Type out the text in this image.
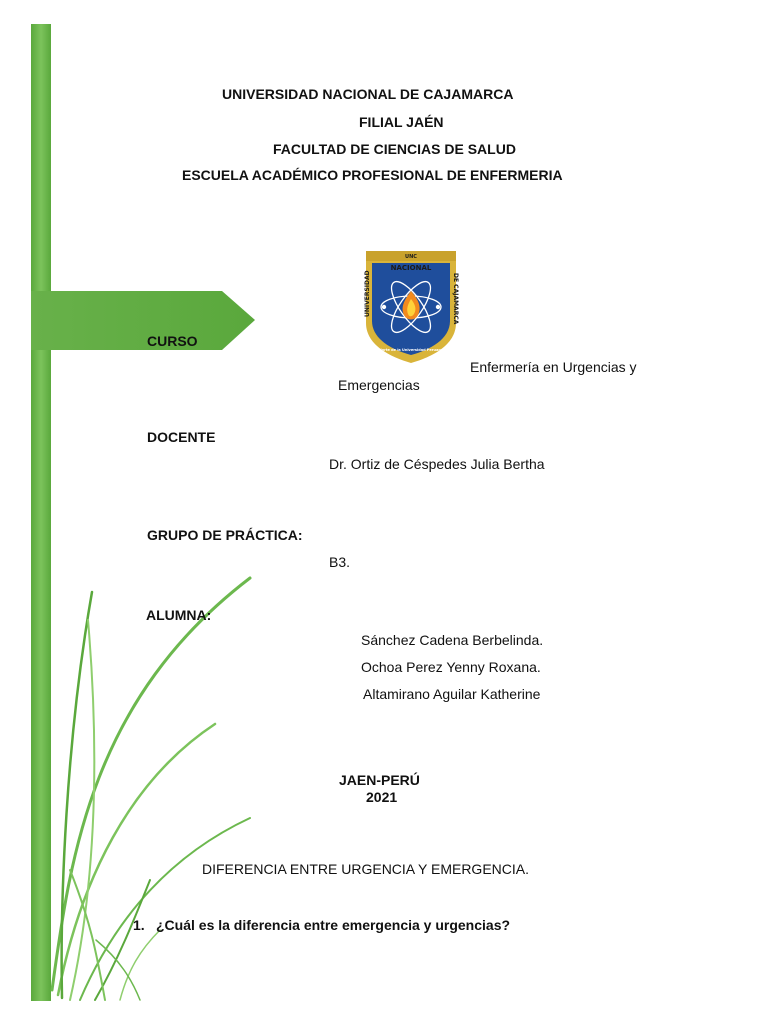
UNIVERSIDAD NACIONAL DE CAJAMARCA
FILIAL JAÉN
FACULTAD DE CIENCIAS DE SALUD
ESCUELA ACADÉMICO PROFESIONAL DE ENFERMERIA
UNC
NACIONAL
UNIVERSIDAD	DE CAJAMARCA
Norte de la Universidad Peruana
CURSO
Enfermería en Urgencias y
Emergencias
DOCENTE
Dr. Ortiz de Céspedes Julia Bertha
GRUPO DE PRÁCTICA:
B3.
ALUMNA:
Sánchez Cadena Berbelinda.
Ochoa Perez Yenny Roxana.
Altamirano Aguilar Katherine
JAEN-PERÚ
2021
DIFERENCIA ENTRE URGENCIA Y EMERGENCIA.
1. ¿Cuál es la diferencia entre emergencia y urgencias?
